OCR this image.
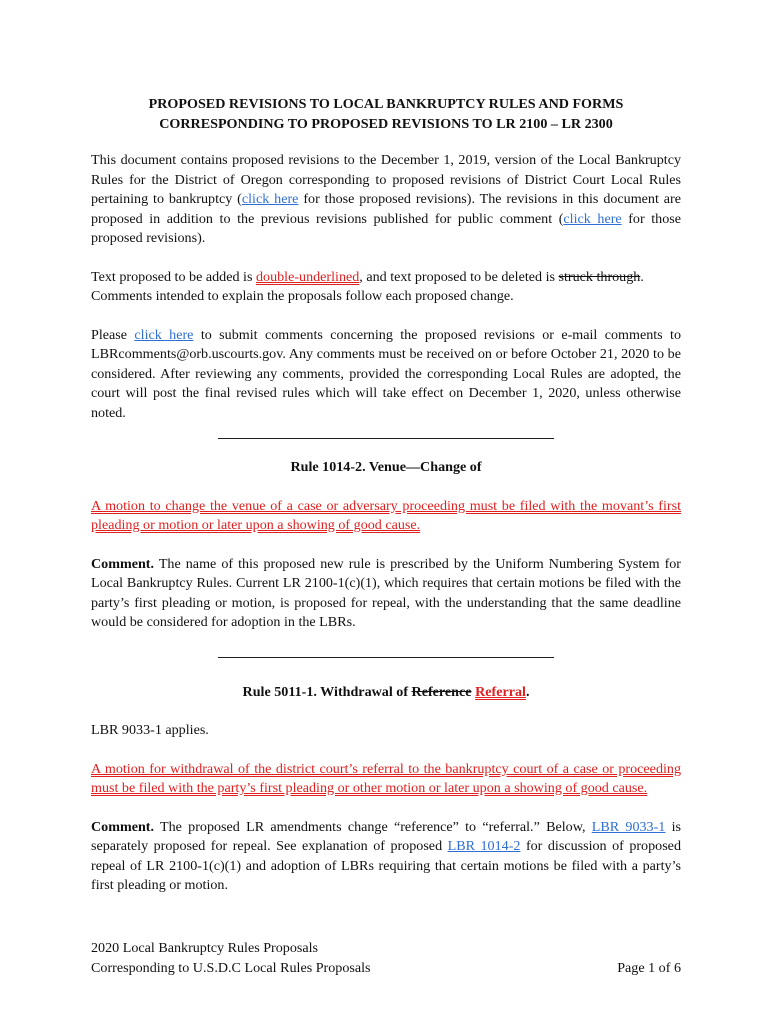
PROPOSED REVISIONS TO LOCAL BANKRUPTCY RULES AND FORMS
CORRESPONDING TO PROPOSED REVISIONS TO LR 2100 – LR 2300

This document contains proposed revisions to the December 1, 2019, version of the Local Bankruptcy Rules for the District of Oregon corresponding to proposed revisions of District Court Local Rules pertaining to bankruptcy (click here for those proposed revisions). The revisions in this document are proposed in addition to the previous revisions published for public comment (click here for those proposed revisions).

Text proposed to be added is double-underlined, and text proposed to be deleted is struck through. Comments intended to explain the proposals follow each proposed change.

Please click here to submit comments concerning the proposed revisions or e-mail comments to LBRcomments@orb.uscourts.gov. Any comments must be received on or before October 21, 2020 to be considered. After reviewing any comments, provided the corresponding Local Rules are adopted, the court will post the final revised rules which will take effect on December 1, 2020, unless otherwise noted.

Rule 1014-2. Venue—Change of

A motion to change the venue of a case or adversary proceeding must be filed with the movant’s first pleading or motion or later upon a showing of good cause.

Comment. The name of this proposed new rule is prescribed by the Uniform Numbering System for Local Bankruptcy Rules. Current LR 2100-1(c)(1), which requires that certain motions be filed with the party’s first pleading or motion, is proposed for repeal, with the understanding that the same deadline would be considered for adoption in the LBRs.

Rule 5011-1. Withdrawal of Reference Referral.

LBR 9033-1 applies.

A motion for withdrawal of the district court’s referral to the bankruptcy court of a case or proceeding must be filed with the party’s first pleading or other motion or later upon a showing of good cause.

Comment. The proposed LR amendments change “reference” to “referral.” Below, LBR 9033-1 is separately proposed for repeal. See explanation of proposed LBR 1014-2 for discussion of proposed repeal of LR 2100-1(c)(1) and adoption of LBRs requiring that certain motions be filed with a party’s first pleading or motion.

2020 Local Bankruptcy Rules Proposals
Corresponding to U.S.D.C Local Rules Proposals	Page 1 of 6
